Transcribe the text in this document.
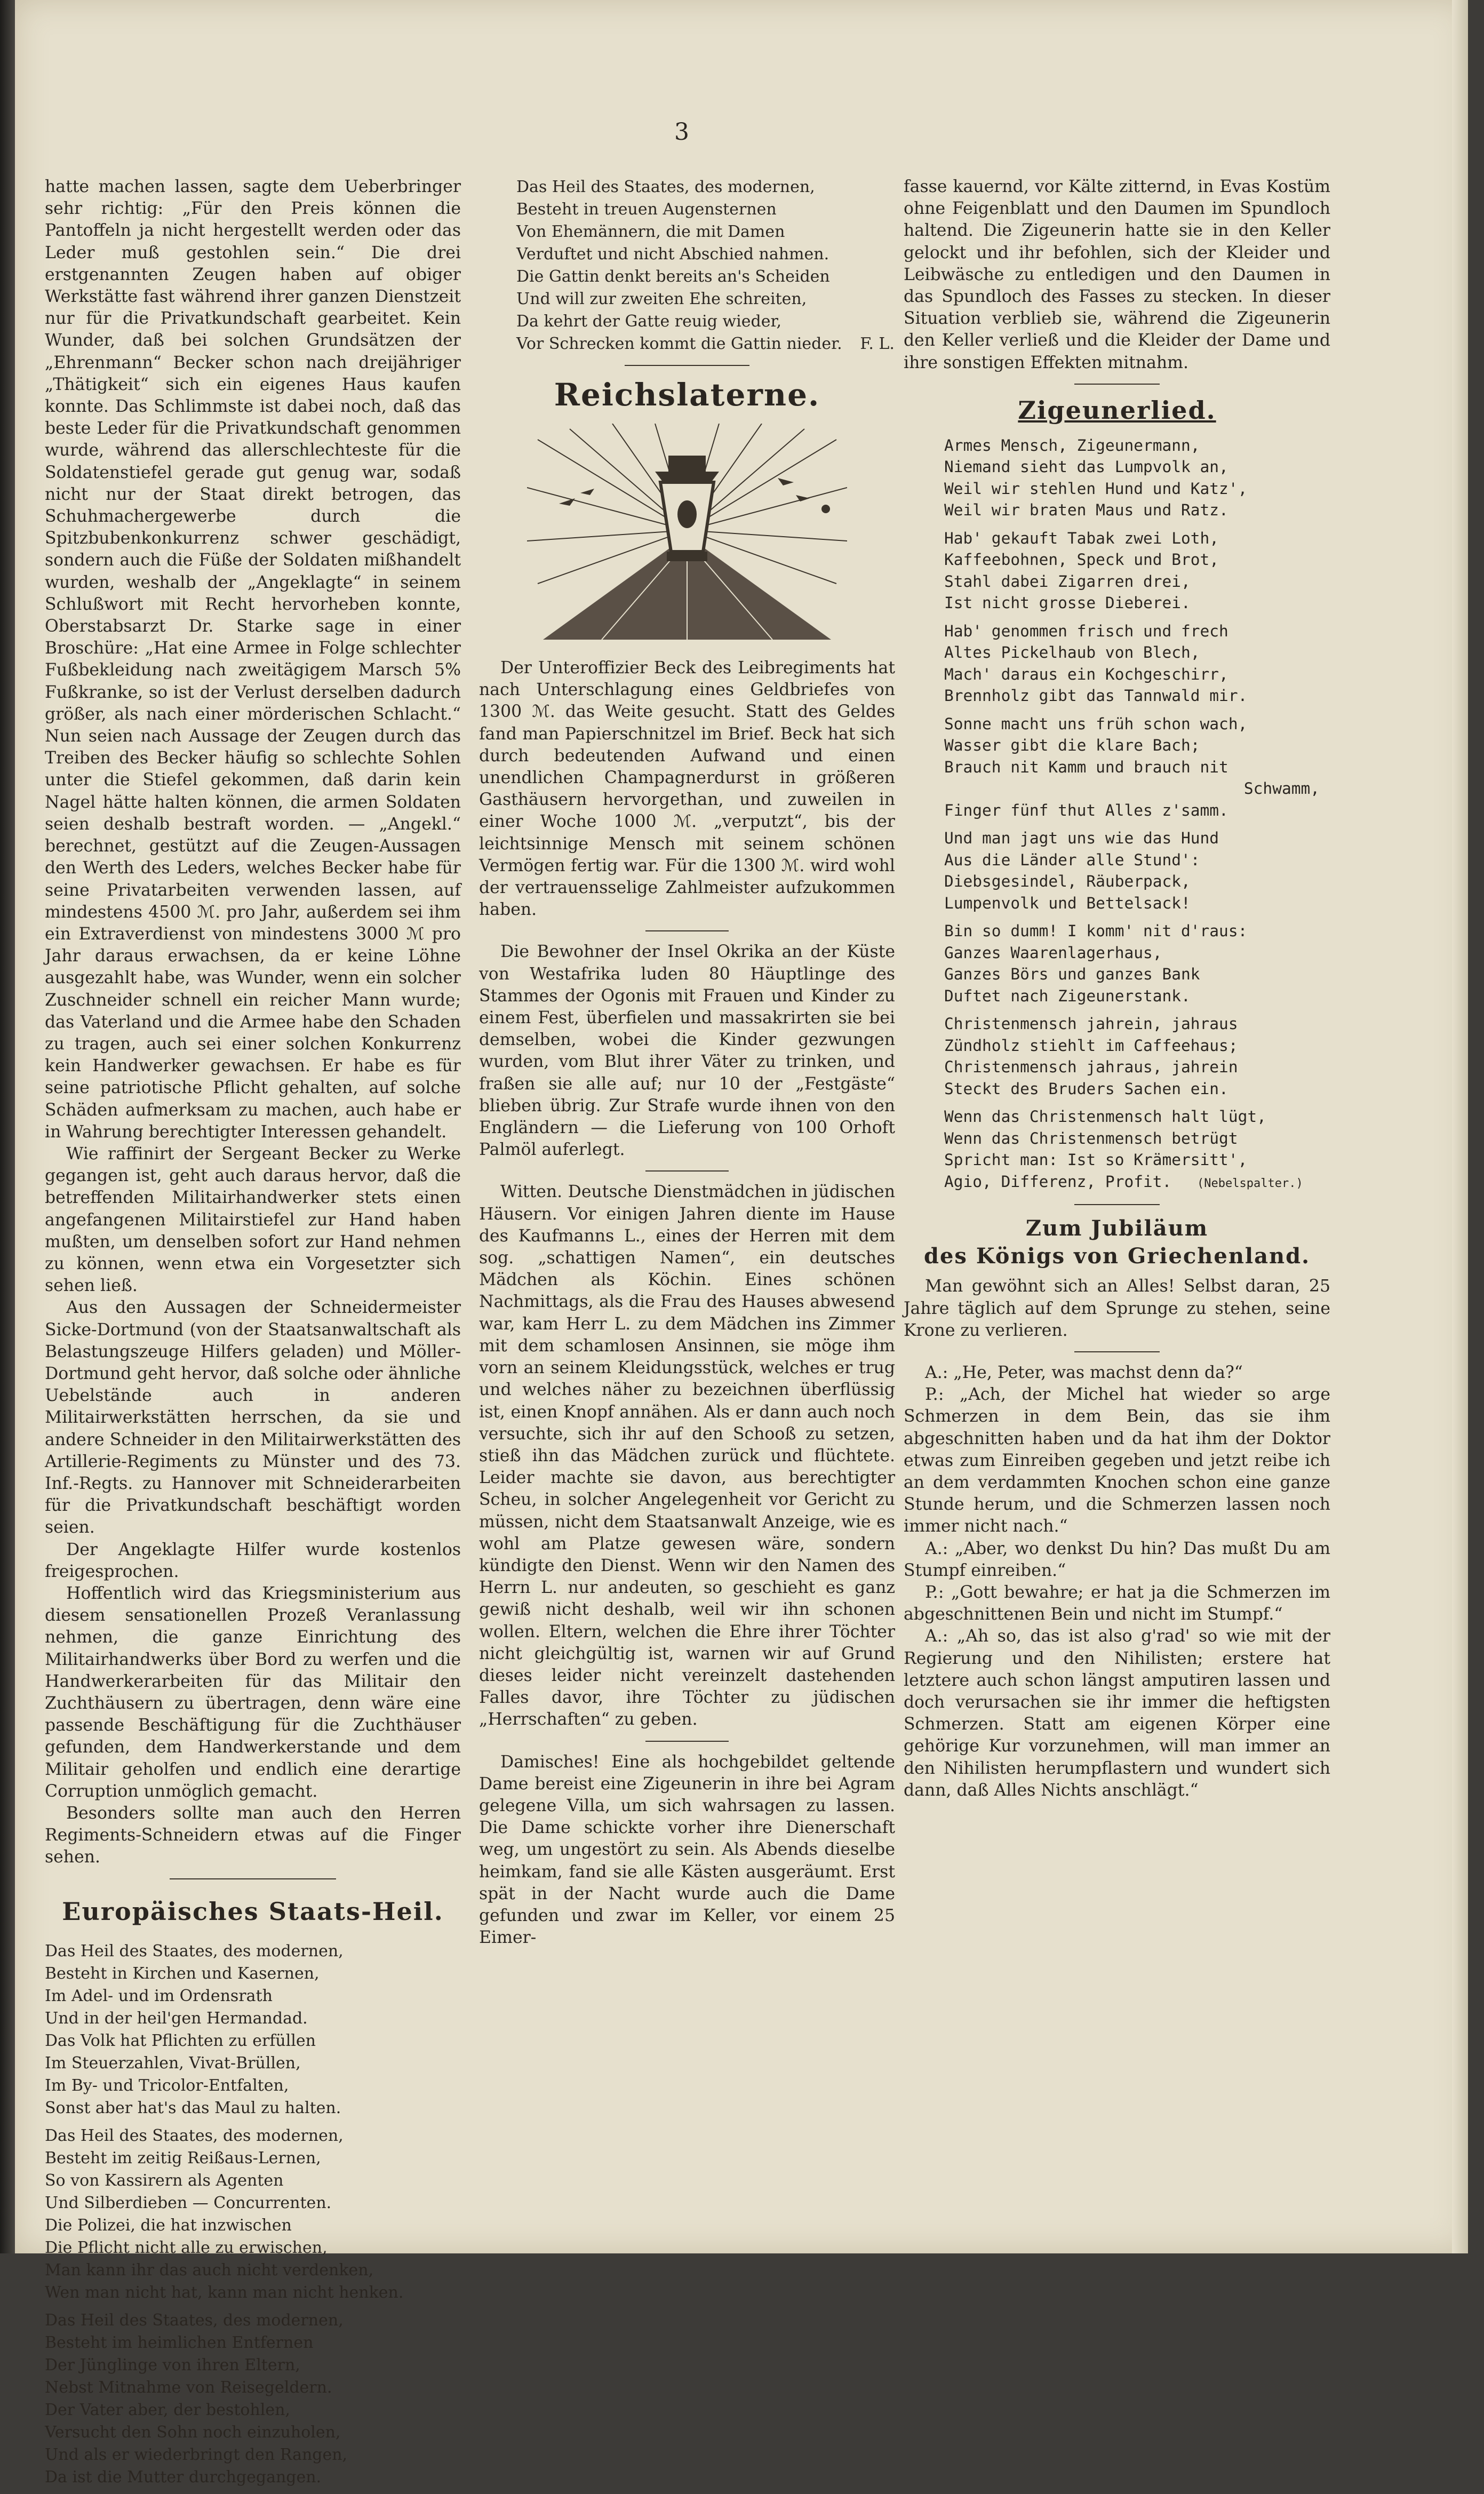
3

hatte machen lassen, sagte dem Ueberbringer sehr richtig: „Für den Preis können die Pantoffeln ja nicht hergestellt werden oder das Leder muß gestohlen sein.“ Die drei erstgenannten Zeugen haben auf obiger Werkstätte fast während ihrer ganzen Dienstzeit nur für die Privatkundschaft gearbeitet. Kein Wunder, daß bei solchen Grundsätzen der „Ehrenmann“ Becker schon nach dreijähriger „Thätigkeit“ sich ein eigenes Haus kaufen konnte. Das Schlimmste ist dabei noch, daß das beste Leder für die Privatkundschaft genommen wurde, während das allerschlechteste für die Soldatenstiefel gerade gut genug war, sodaß nicht nur der Staat direkt betrogen, das Schuhmachergewerbe durch die Spitzbubenkonkurrenz schwer geschädigt, sondern auch die Füße der Soldaten mißhandelt wurden, weshalb der „Angeklagte“ in seinem Schlußwort mit Recht hervorheben konnte, Oberstabsarzt Dr. Starke sage in einer Broschüre: „Hat eine Armee in Folge schlechter Fußbekleidung nach zweitägigem Marsch 5% Fußkranke, so ist der Verlust derselben dadurch größer, als nach einer mörderischen Schlacht.“ Nun seien nach Aussage der Zeugen durch das Treiben des Becker häufig so schlechte Sohlen unter die Stiefel gekommen, daß darin kein Nagel hätte halten können, die armen Soldaten seien deshalb bestraft worden. — „Angekl.“ berechnet, gestützt auf die Zeugen-Aussagen den Werth des Leders, welches Becker habe für seine Privatarbeiten verwenden lassen, auf mindestens 4500 ℳ. pro Jahr, außerdem sei ihm ein Extraverdienst von mindestens 3000 ℳ pro Jahr daraus erwachsen, da er keine Löhne ausgezahlt habe, was Wunder, wenn ein solcher Zuschneider schnell ein reicher Mann wurde; das Vaterland und die Armee habe den Schaden zu tragen, auch sei einer solchen Konkurrenz kein Handwerker gewachsen. Er habe es für seine patriotische Pflicht gehalten, auf solche Schäden aufmerksam zu machen, auch habe er in Wahrung berechtigter Interessen gehandelt.

Wie raffinirt der Sergeant Becker zu Werke gegangen ist, geht auch daraus hervor, daß die betreffenden Militairhandwerker stets einen angefangenen Militairstiefel zur Hand haben mußten, um denselben sofort zur Hand nehmen zu können, wenn etwa ein Vorgesetzter sich sehen ließ.

Aus den Aussagen der Schneidermeister Sicke-Dortmund (von der Staatsanwaltschaft als Belastungszeuge Hilfers geladen) und Möller-Dortmund geht hervor, daß solche oder ähnliche Uebelstände auch in anderen Militairwerkstätten herrschen, da sie und andere Schneider in den Militairwerkstätten des Artillerie-Regiments zu Münster und des 73. Inf.-Regts. zu Hannover mit Schneiderarbeiten für die Privatkundschaft beschäftigt worden seien.

Der Angeklagte Hilfer wurde kostenlos freigesprochen.

Hoffentlich wird das Kriegsministerium aus diesem sensationellen Prozeß Veranlassung nehmen, die ganze Einrichtung des Militairhandwerks über Bord zu werfen und die Handwerkerarbeiten für das Militair den Zuchthäusern zu übertragen, denn wäre eine passende Beschäftigung für die Zuchthäuser gefunden, dem Handwerkerstande und dem Militair geholfen und endlich eine derartige Corruption unmöglich gemacht.

Besonders sollte man auch den Herren Regiments-Schneidern etwas auf die Finger sehen.

Europäisches Staats-Heil.
Das Heil des Staates, des modernen,
Besteht in Kirchen und Kasernen,
Im Adel- und im Ordensrath
Und in der heil'gen Hermandad.
Das Volk hat Pflichten zu erfüllen
Im Steuerzahlen, Vivat-Brüllen,
Im By- und Tricolor-Entfalten,
Sonst aber hat's das Maul zu halten.
Das Heil des Staates, des modernen,
Besteht im zeitig Reißaus-Lernen,
So von Kassirern als Agenten
Und Silberdieben — Concurrenten.
Die Polizei, die hat inzwischen
Die Pflicht nicht alle zu erwischen,
Man kann ihr das auch nicht verdenken,
Wen man nicht hat, kann man nicht henken.
Das Heil des Staates, des modernen,
Besteht im heimlichen Entfernen
Der Jünglinge von ihren Eltern,
Nebst Mitnahme von Reisegeldern.
Der Vater aber, der bestohlen,
Versucht den Sohn noch einzuholen,
Und als er wiederbringt den Rangen,
Da ist die Mutter durchgegangen.
Das Heil des Staates, des modernen,
Besteht in treuen Augensternen
Von Ehemännern, die mit Damen
Verduftet und nicht Abschied nahmen.
Die Gattin denkt bereits an's Scheiden
Und will zur zweiten Ehe schreiten,
Da kehrt der Gatte reuig wieder,
Vor Schrecken kommt die Gattin nieder. F. L.
Reichslaterne.

Der Unteroffizier Beck des Leibregiments hat nach Unterschlagung eines Geldbriefes von 1300 ℳ. das Weite gesucht. Statt des Geldes fand man Papierschnitzel im Brief. Beck hat sich durch bedeutenden Aufwand und einen unendlichen Champagnerdurst in größeren Gasthäusern hervorgethan, und zuweilen in einer Woche 1000 ℳ. „verputzt“, bis der leichtsinnige Mensch mit seinem schönen Vermögen fertig war. Für die 1300 ℳ. wird wohl der vertrauensselige Zahlmeister aufzukommen haben.

Die Bewohner der Insel Okrika an der Küste von Westafrika luden 80 Häuptlinge des Stammes der Ogonis mit Frauen und Kinder zu einem Fest, überfielen und massakrirten sie bei demselben, wobei die Kinder gezwungen wurden, vom Blut ihrer Väter zu trinken, und fraßen sie alle auf; nur 10 der „Festgäste“ blieben übrig. Zur Strafe wurde ihnen von den Engländern — die Lieferung von 100 Orhoft Palmöl auferlegt.

Witten. Deutsche Dienstmädchen in jüdischen Häusern. Vor einigen Jahren diente im Hause des Kaufmanns L., eines der Herren mit dem sog. „schattigen Namen“, ein deutsches Mädchen als Köchin. Eines schönen Nachmittags, als die Frau des Hauses abwesend war, kam Herr L. zu dem Mädchen ins Zimmer mit dem schamlosen Ansinnen, sie möge ihm vorn an seinem Kleidungsstück, welches er trug und welches näher zu bezeichnen überflüssig ist, einen Knopf annähen. Als er dann auch noch versuchte, sich ihr auf den Schooß zu setzen, stieß ihn das Mädchen zurück und flüchtete. Leider machte sie davon, aus berechtigter Scheu, in solcher Angelegenheit vor Gericht zu müssen, nicht dem Staatsanwalt Anzeige, wie es wohl am Platze gewesen wäre, sondern kündigte den Dienst. Wenn wir den Namen des Herrn L. nur andeuten, so geschieht es ganz gewiß nicht deshalb, weil wir ihn schonen wollen. Eltern, welchen die Ehre ihrer Töchter nicht gleichgültig ist, warnen wir auf Grund dieses leider nicht vereinzelt dastehenden Falles davor, ihre Töchter zu jüdischen „Herrschaften“ zu geben.

Damisches! Eine als hochgebildet geltende Dame bereist eine Zigeunerin in ihre bei Agram gelegene Villa, um sich wahrsagen zu lassen. Die Dame schickte vorher ihre Dienerschaft weg, um ungestört zu sein. Als Abends dieselbe heimkam, fand sie alle Kästen ausgeräumt. Erst spät in der Nacht wurde auch die Dame gefunden und zwar im Keller, vor einem 25 Eimer-

fasse kauernd, vor Kälte zitternd, in Evas Kostüm ohne Feigenblatt und den Daumen im Spundloch haltend. Die Zigeunerin hatte sie in den Keller gelockt und ihr befohlen, sich der Kleider und Leibwäsche zu entledigen und den Daumen in das Spundloch des Fasses zu stecken. In dieser Situation verblieb sie, während die Zigeunerin den Keller verließ und die Kleider der Dame und ihre sonstigen Effekten mitnahm.

Zigeunerlied.
Armes Mensch, Zigeunermann,
Niemand sieht das Lumpvolk an,
Weil wir stehlen Hund und Katz',
Weil wir braten Maus und Ratz.
Hab' gekauft Tabak zwei Loth,
Kaffeebohnen, Speck und Brot,
Stahl dabei Zigarren drei,
Ist nicht grosse Dieberei.
Hab' genommen frisch und frech
Altes Pickelhaub von Blech,
Mach' daraus ein Kochgeschirr,
Brennholz gibt das Tannwald mir.
Sonne macht uns früh schon wach,
Wasser gibt die klare Bach;
Brauch nit Kamm und brauch nit
Schwamm,
Finger fünf thut Alles z'samm.
Und man jagt uns wie das Hund
Aus die Länder alle Stund':
Diebsgesindel, Räuberpack,
Lumpenvolk und Bettelsack!
Bin so dumm! I komm' nit d'raus:
Ganzes Waarenlagerhaus,
Ganzes Börs und ganzes Bank
Duftet nach Zigeunerstank.
Christenmensch jahrein, jahraus
Zündholz stiehlt im Caffeehaus;
Christenmensch jahraus, jahrein
Steckt des Bruders Sachen ein.
Wenn das Christenmensch halt lügt,
Wenn das Christenmensch betrügt
Spricht man: Ist so Krämersitt',
Agio, Differenz, Profit. (Nebelspalter.)
Zum Jubiläum
des Königs von Griechenland.

Man gewöhnt sich an Alles! Selbst daran, 25 Jahre täglich auf dem Sprunge zu stehen, seine Krone zu verlieren.

A.: „He, Peter, was machst denn da?“

P.: „Ach, der Michel hat wieder so arge Schmerzen in dem Bein, das sie ihm abgeschnitten haben und da hat ihm der Doktor etwas zum Einreiben gegeben und jetzt reibe ich an dem verdammten Knochen schon eine ganze Stunde herum, und die Schmerzen lassen noch immer nicht nach.“

A.: „Aber, wo denkst Du hin? Das mußt Du am Stumpf einreiben.“

P.: „Gott bewahre; er hat ja die Schmerzen im abgeschnittenen Bein und nicht im Stumpf.“

A.: „Ah so, das ist also g'rad' so wie mit der Regierung und den Nihilisten; erstere hat letztere auch schon längst amputiren lassen und doch verursachen sie ihr immer die heftigsten Schmerzen. Statt am eigenen Körper eine gehörige Kur vorzunehmen, will man immer an den Nihilisten herumpflastern und wundert sich dann, daß Alles Nichts anschlägt.“
